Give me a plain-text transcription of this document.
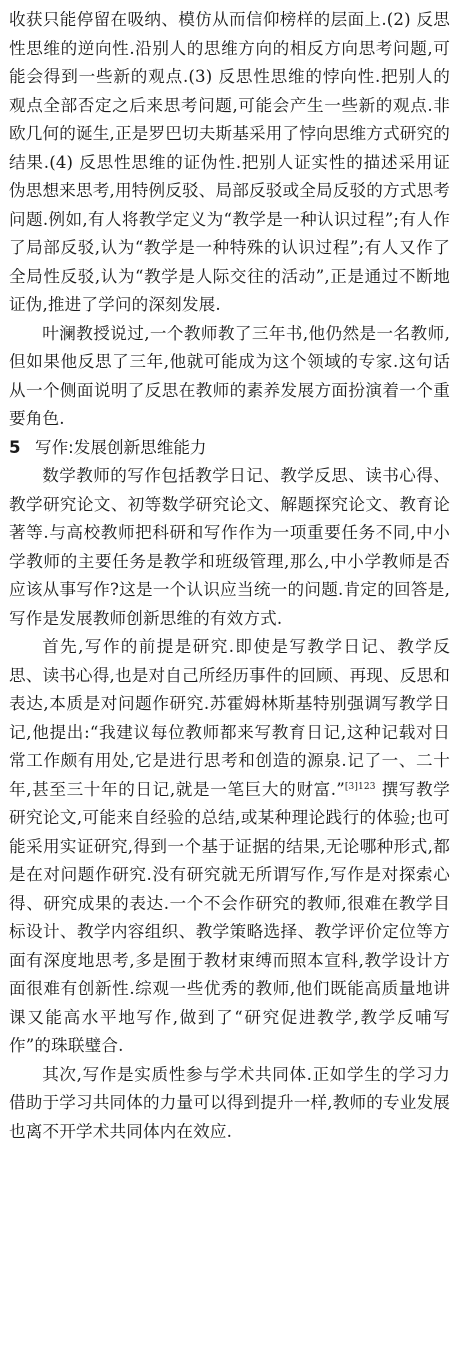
收获只能停留在吸纳、模仿从而信仰榜样的层面上.(2) 反思性思维的逆向性.沿别人的思维方向的相反方向思考问题,可能会得到一些新的观点.(3) 反思性思维的悖向性.把别人的观点全部否定之后来思考问题,可能会产生一些新的观点.非欧几何的诞生,正是罗巴切夫斯基采用了悖向思维方式研究的结果.(4) 反思性思维的证伪性.把别人证实性的描述采用证伪思想来思考,用特例反驳、局部反驳或全局反驳的方式思考问题.例如,有人将教学定义为“教学是一种认识过程”;有人作了局部反驳,认为“教学是一种特殊的认识过程”;有人又作了全局性反驳,认为“教学是人际交往的活动”,正是通过不断地证伪,推进了学问的深刻发展.

叶澜教授说过,一个教师教了三年书,他仍然是一名教师,但如果他反思了三年,他就可能成为这个领域的专家.这句话从一个侧面说明了反思在教师的素养发展方面扮演着一个重要角色.

5 写作:发展创新思维能力

数学教师的写作包括教学日记、教学反思、读书心得、教学研究论文、初等数学研究论文、解题探究论文、教育论著等.与高校教师把科研和写作作为一项重要任务不同,中小学教师的主要任务是教学和班级管理,那么,中小学教师是否应该从事写作?这是一个认识应当统一的问题.肯定的回答是,写作是发展教师创新思维的有效方式.

首先,写作的前提是研究.即使是写教学日记、教学反思、读书心得,也是对自己所经历事件的回顾、再现、反思和表达,本质是对问题作研究.苏霍姆林斯基特别强调写教学日记,他提出:“我建议每位教师都来写教育日记,这种记载对日常工作颇有用处,它是进行思考和创造的源泉.记了一、二十年,甚至三十年的日记,就是一笔巨大的财富.”$^{[3]123}$ 撰写教学研究论文,可能来自经验的总结,或某种理论践行的体验;也可能采用实证研究,得到一个基于证据的结果,无论哪种形式,都是在对问题作研究.没有研究就无所谓写作,写作是对探索心得、研究成果的表达.一个不会作研究的教师,很难在教学目标设计、教学内容组织、教学策略选择、教学评价定位等方面有深度地思考,多是囿于教材束缚而照本宣科,教学设计方面很难有创新性.综观一些优秀的教师,他们既能高质量地讲课又能高水平地写作,做到了“研究促进教学,教学反哺写作”的珠联璧合.

其次,写作是实质性参与学术共同体.正如学生的学习力借助于学习共同体的力量可以得到提升一样,教师的专业发展也离不开学术共同体内在效应.
